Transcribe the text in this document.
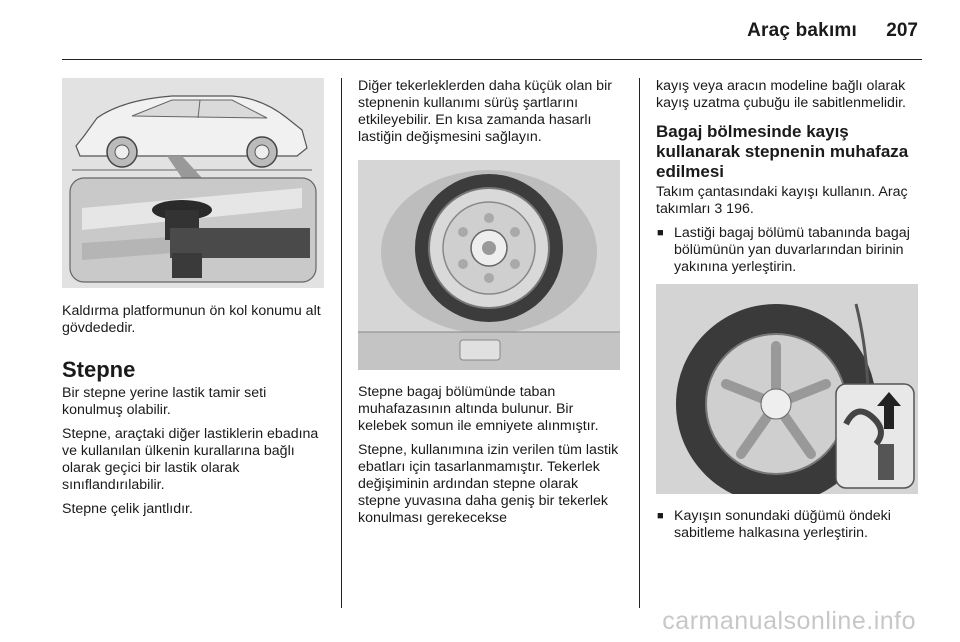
Araç bakımı 207

Kaldırma platformunun ön kol konumu alt gövdededir.

Stepne

Bir stepne yerine lastik tamir seti konulmuş olabilir.

Stepne, araçtaki diğer lastiklerin ebadına ve kullanılan ülkenin kurallarına bağlı olarak geçici bir lastik olarak sınıflandırılabilir.

Stepne çelik jantlıdır.

Diğer tekerleklerden daha küçük olan bir stepnenin kullanımı sürüş şartlarını etkileyebilir. En kısa zamanda hasarlı lastiğin değişmesini sağlayın.

Stepne bagaj bölümünde taban muhafazasının altında bulunur. Bir kelebek somun ile emniyete alınmıştır.

Stepne, kullanımına izin verilen tüm lastik ebatları için tasarlanmamıştır. Tekerlek değişiminin ardından stepne olarak stepne yuvasına daha geniş bir tekerlek konulması gerekecekse

kayış veya aracın modeline bağlı olarak kayış uzatma çubuğu ile sabitlenmelidir.

Bagaj bölmesinde kayış kullanarak stepnenin muhafaza edilmesi

Takım çantasındaki kayışı kullanın. Araç takımları 3 196.

■ Lastiği bagaj bölümü tabanında bagaj bölümünün yan duvarlarından birinin yakınına yerleştirin.
■ Kayışın sonundaki düğümü öndeki sabitleme halkasına yerleştirin.
carmanualsonline.info
